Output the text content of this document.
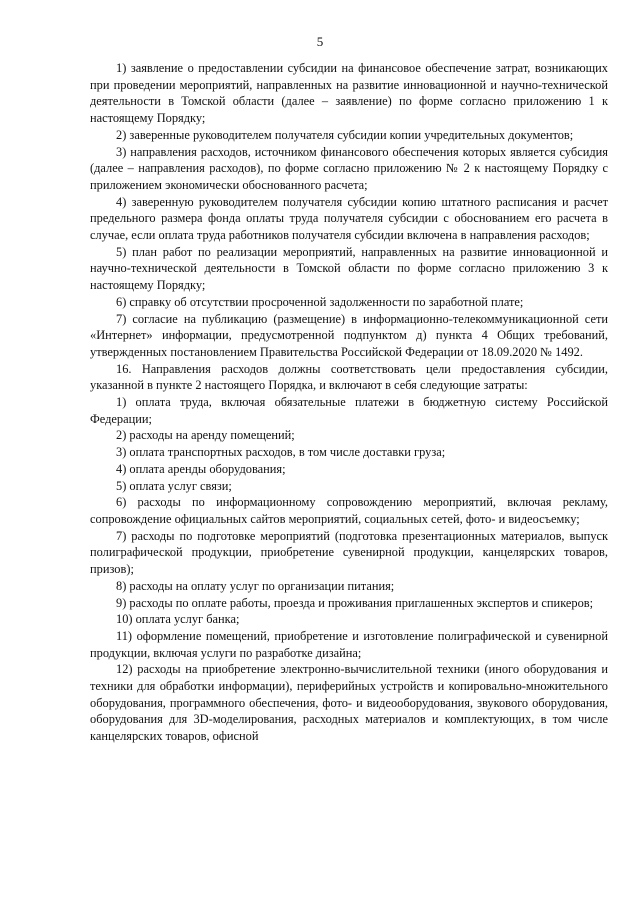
5

1) заявление о предоставлении субсидии на финансовое обеспечение затрат, возникающих при проведении мероприятий, направленных на развитие инновационной и научно-технической деятельности в Томской области (далее – заявление) по форме согласно приложению 1 к настоящему Порядку;

2) заверенные руководителем получателя субсидии копии учредительных документов;

3) направления расходов, источником финансового обеспечения которых является субсидия (далее – направления расходов), по форме согласно приложению № 2 к настоящему Порядку с приложением экономически обоснованного расчета;

4) заверенную руководителем получателя субсидии копию штатного расписания и расчет предельного размера фонда оплаты труда получателя субсидии с обоснованием его расчета в случае, если оплата труда работников получателя субсидии включена в направления расходов;

5) план работ по реализации мероприятий, направленных на развитие инновационной и научно-технической деятельности в Томской области по форме согласно приложению 3 к настоящему Порядку;

6) справку об отсутствии просроченной задолженности по заработной плате;

7) согласие на публикацию (размещение) в информационно-телекоммуникационной сети «Интернет» информации, предусмотренной подпунктом д) пункта 4 Общих требований, утвержденных постановлением Правительства Российской Федерации от 18.09.2020 № 1492.

16. Направления расходов должны соответствовать цели предоставления субсидии, указанной в пункте 2 настоящего Порядка, и включают в себя следующие затраты:

1) оплата труда, включая обязательные платежи в бюджетную систему Российской Федерации;

2) расходы на аренду помещений;

3) оплата транспортных расходов, в том числе доставки груза;

4) оплата аренды оборудования;

5) оплата услуг связи;

6) расходы по информационному сопровождению мероприятий, включая рекламу, сопровождение официальных сайтов мероприятий, социальных сетей, фото- и видеосъемку;

7) расходы по подготовке мероприятий (подготовка презентационных материалов, выпуск полиграфической продукции, приобретение сувенирной продукции, канцелярских товаров, призов);

8) расходы на оплату услуг по организации питания;

9) расходы по оплате работы, проезда и проживания приглашенных экспертов и спикеров;

10) оплата услуг банка;

11) оформление помещений, приобретение и изготовление полиграфической и сувенирной продукции, включая услуги по разработке дизайна;

12) расходы на приобретение электронно-вычислительной техники (иного оборудования и техники для обработки информации), периферийных устройств и копировально-множительного оборудования, программного обеспечения, фото- и видеооборудования, звукового оборудования, оборудования для 3D-моделирования, расходных материалов и комплектующих, в том числе канцелярских товаров, офисной
